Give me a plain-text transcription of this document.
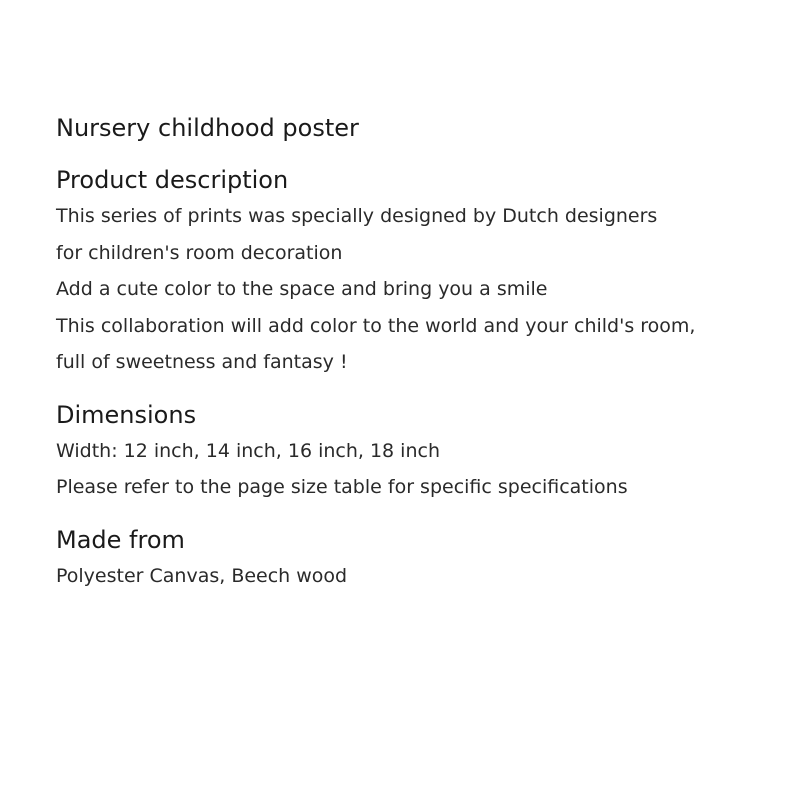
Nursery childhood poster
Product description

This series of prints was specially designed by Dutch designers

for children's room decoration

Add a cute color to the space and bring you a smile

This collaboration will add color to the world and your child's room,

full of sweetness and fantasy !

Dimensions

Width: 12 inch, 14 inch, 16 inch, 18 inch

Please refer to the page size table for specific specifications

Made from

Polyester Canvas, Beech wood
